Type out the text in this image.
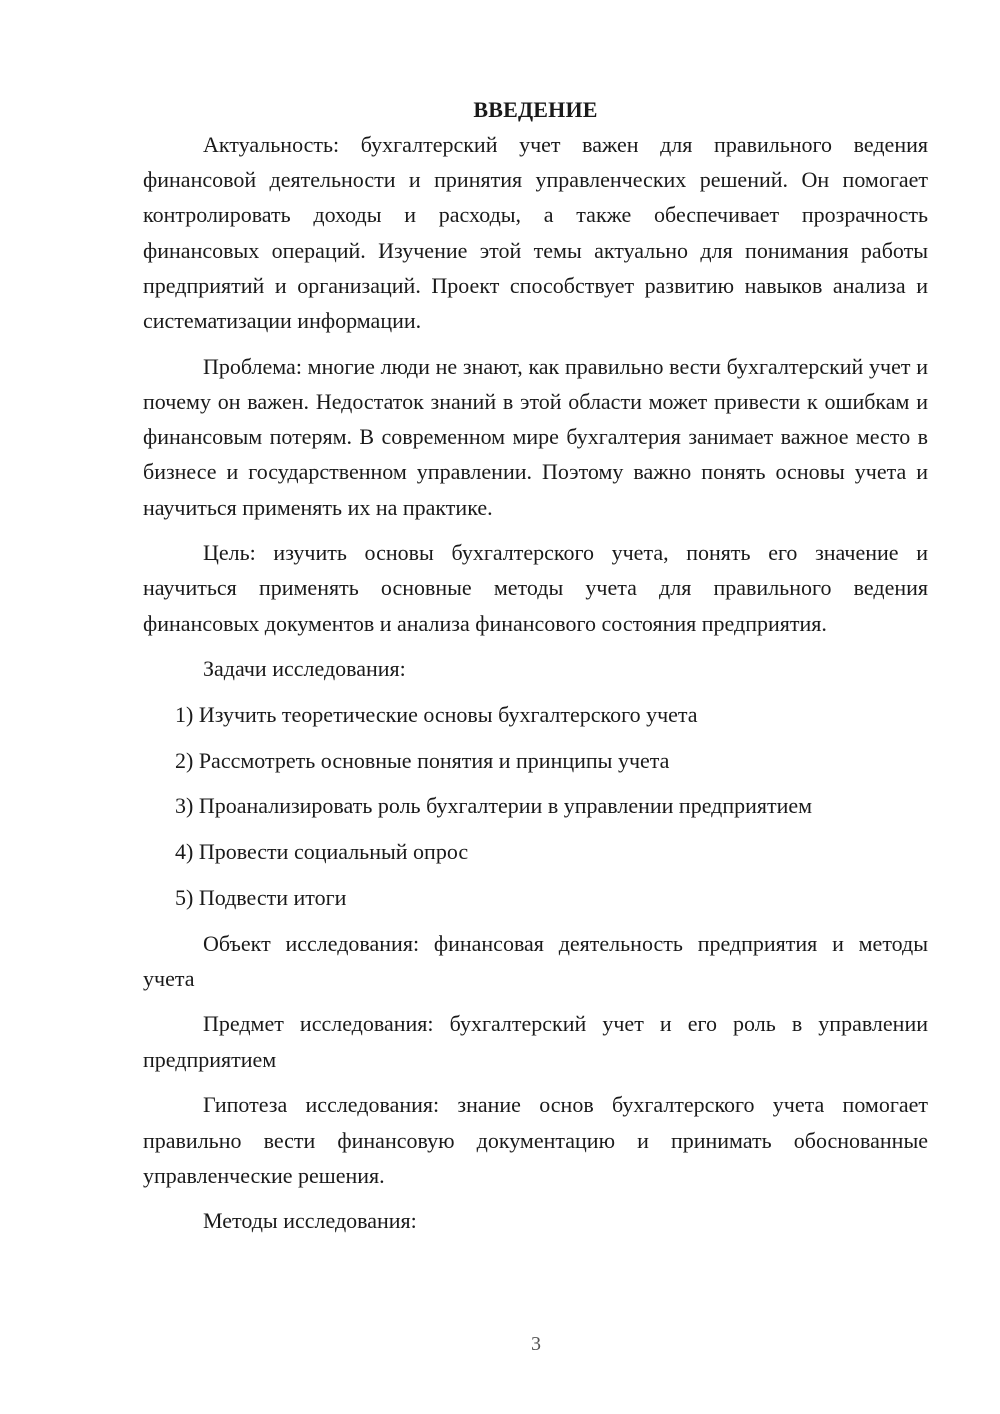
ВВЕДЕНИЕ

Актуальность: бухгалтерский учет важен для правильного ведения финансовой деятельности и принятия управленческих решений. Он помогает контролировать доходы и расходы, а также обеспечивает прозрачность финансовых операций. Изучение этой темы актуально для понимания работы предприятий и организаций. Проект способствует развитию навыков анализа и систематизации информации.

Проблема: многие люди не знают, как правильно вести бухгалтерский учет и почему он важен. Недостаток знаний в этой области может привести к ошибкам и финансовым потерям. В современном мире бухгалтерия занимает важное место в бизнесе и государственном управлении. Поэтому важно понять основы учета и научиться применять их на практике.

Цель: изучить основы бухгалтерского учета, понять его значение и научиться применять основные методы учета для правильного ведения финансовых документов и анализа финансового состояния предприятия.

Задачи исследования:

1) Изучить теоретические основы бухгалтерского учета
2) Рассмотреть основные понятия и принципы учета
3) Проанализировать роль бухгалтерии в управлении предприятием
4) Провести социальный опрос
5) Подвести итоги

Объект исследования: финансовая деятельность предприятия и методы учета

Предмет исследования: бухгалтерский учет и его роль в управлении предприятием

Гипотеза исследования: знание основ бухгалтерского учета помогает правильно вести финансовую документацию и принимать обоснованные управленческие решения.

Методы исследования:

3
